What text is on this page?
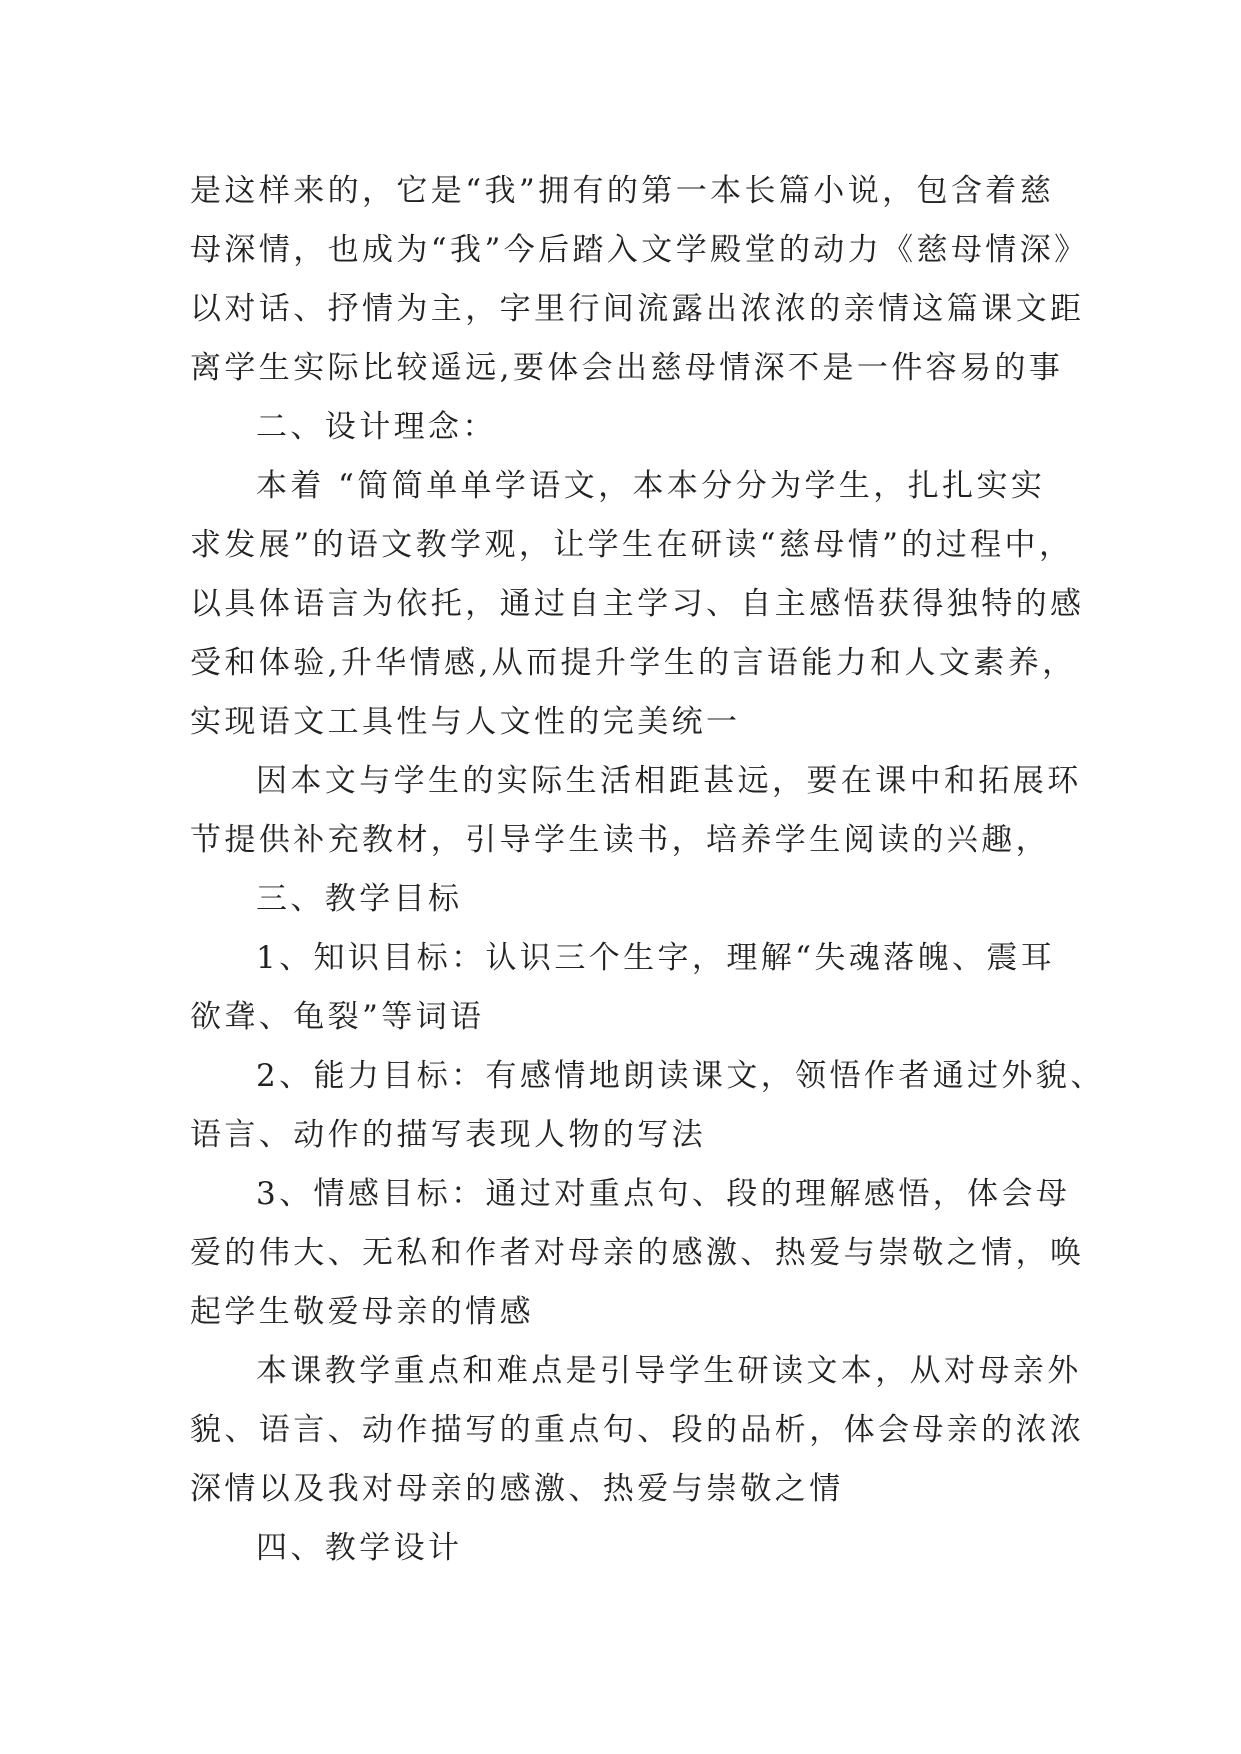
是这样来的，它是“我”拥有的第一本长篇小说，包含着慈
母深情，也成为“我”今后踏入文学殿堂的动力《慈母情深》
以对话、抒情为主，字里行间流露出浓浓的亲情这篇课文距
离学生实际比较遥远,要体会出慈母情深不是一件容易的事
二、设计理念：
本着 “简简单单学语文，本本分分为学生，扎扎实实
求发展”的语文教学观，让学生在研读“慈母情”的过程中，
以具体语言为依托，通过自主学习、自主感悟获得独特的感
受和体验,升华情感,从而提升学生的言语能力和人文素养，
实现语文工具性与人文性的完美统一
因本文与学生的实际生活相距甚远，要在课中和拓展环
节提供补充教材，引导学生读书，培养学生阅读的兴趣，
三、教学目标
1、知识目标：认识三个生字，理解“失魂落魄、震耳
欲聋、龟裂”等词语
2、能力目标：有感情地朗读课文，领悟作者通过外貌、
语言、动作的描写表现人物的写法
3、情感目标：通过对重点句、段的理解感悟，体会母
爱的伟大、无私和作者对母亲的感激、热爱与崇敬之情，唤
起学生敬爱母亲的情感
本课教学重点和难点是引导学生研读文本，从对母亲外
貌、语言、动作描写的重点句、段的品析，体会母亲的浓浓
深情以及我对母亲的感激、热爱与崇敬之情
四、教学设计
